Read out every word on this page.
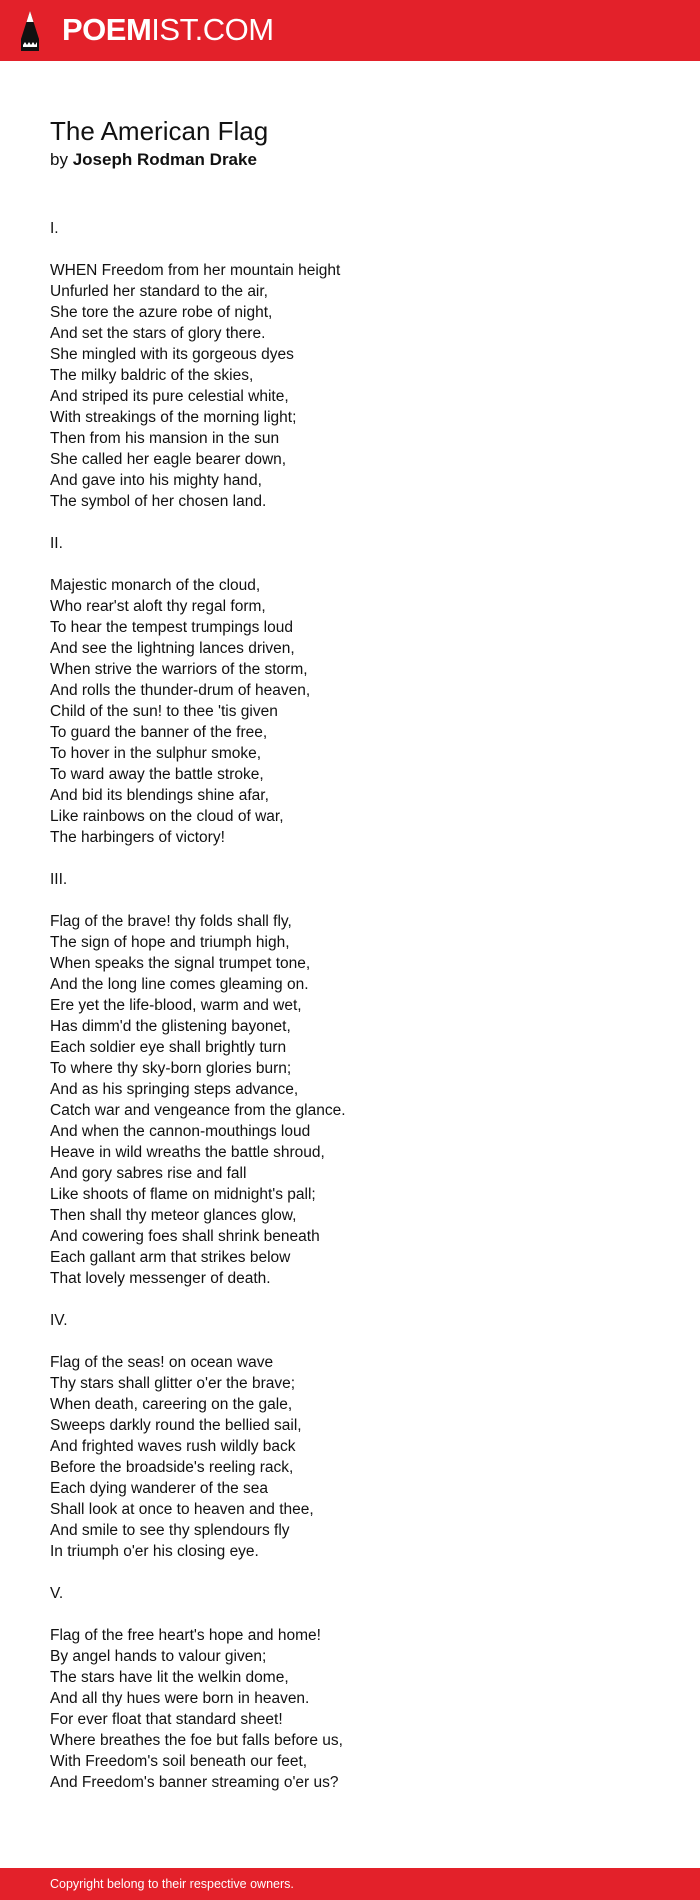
POEMIST.COM
The American Flag
by Joseph Rodman Drake
I.
WHEN Freedom from her mountain height
Unfurled her standard to the air,
She tore the azure robe of night,
And set the stars of glory there.
She mingled with its gorgeous dyes
The milky baldric of the skies,
And striped its pure celestial white,
With streakings of the morning light;
Then from his mansion in the sun
She called her eagle bearer down,
And gave into his mighty hand,
The symbol of her chosen land.
II.
Majestic monarch of the cloud,
Who rear'st aloft thy regal form,
To hear the tempest trumpings loud
And see the lightning lances driven,
When strive the warriors of the storm,
And rolls the thunder-drum of heaven,
Child of the sun! to thee 'tis given
To guard the banner of the free,
To hover in the sulphur smoke,
To ward away the battle stroke,
And bid its blendings shine afar,
Like rainbows on the cloud of war,
The harbingers of victory!
III.
Flag of the brave! thy folds shall fly,
The sign of hope and triumph high,
When speaks the signal trumpet tone,
And the long line comes gleaming on.
Ere yet the life-blood, warm and wet,
Has dimm'd the glistening bayonet,
Each soldier eye shall brightly turn
To where thy sky-born glories burn;
And as his springing steps advance,
Catch war and vengeance from the glance.
And when the cannon-mouthings loud
Heave in wild wreaths the battle shroud,
And gory sabres rise and fall
Like shoots of flame on midnight's pall;
Then shall thy meteor glances glow,
And cowering foes shall shrink beneath
Each gallant arm that strikes below
That lovely messenger of death.
IV.
Flag of the seas! on ocean wave
Thy stars shall glitter o'er the brave;
When death, careering on the gale,
Sweeps darkly round the bellied sail,
And frighted waves rush wildly back
Before the broadside's reeling rack,
Each dying wanderer of the sea
Shall look at once to heaven and thee,
And smile to see thy splendours fly
In triumph o'er his closing eye.
V.
Flag of the free heart's hope and home!
By angel hands to valour given;
The stars have lit the welkin dome,
And all thy hues were born in heaven.
For ever float that standard sheet!
Where breathes the foe but falls before us,
With Freedom's soil beneath our feet,
And Freedom's banner streaming o'er us?
Copyright belong to their respective owners.
